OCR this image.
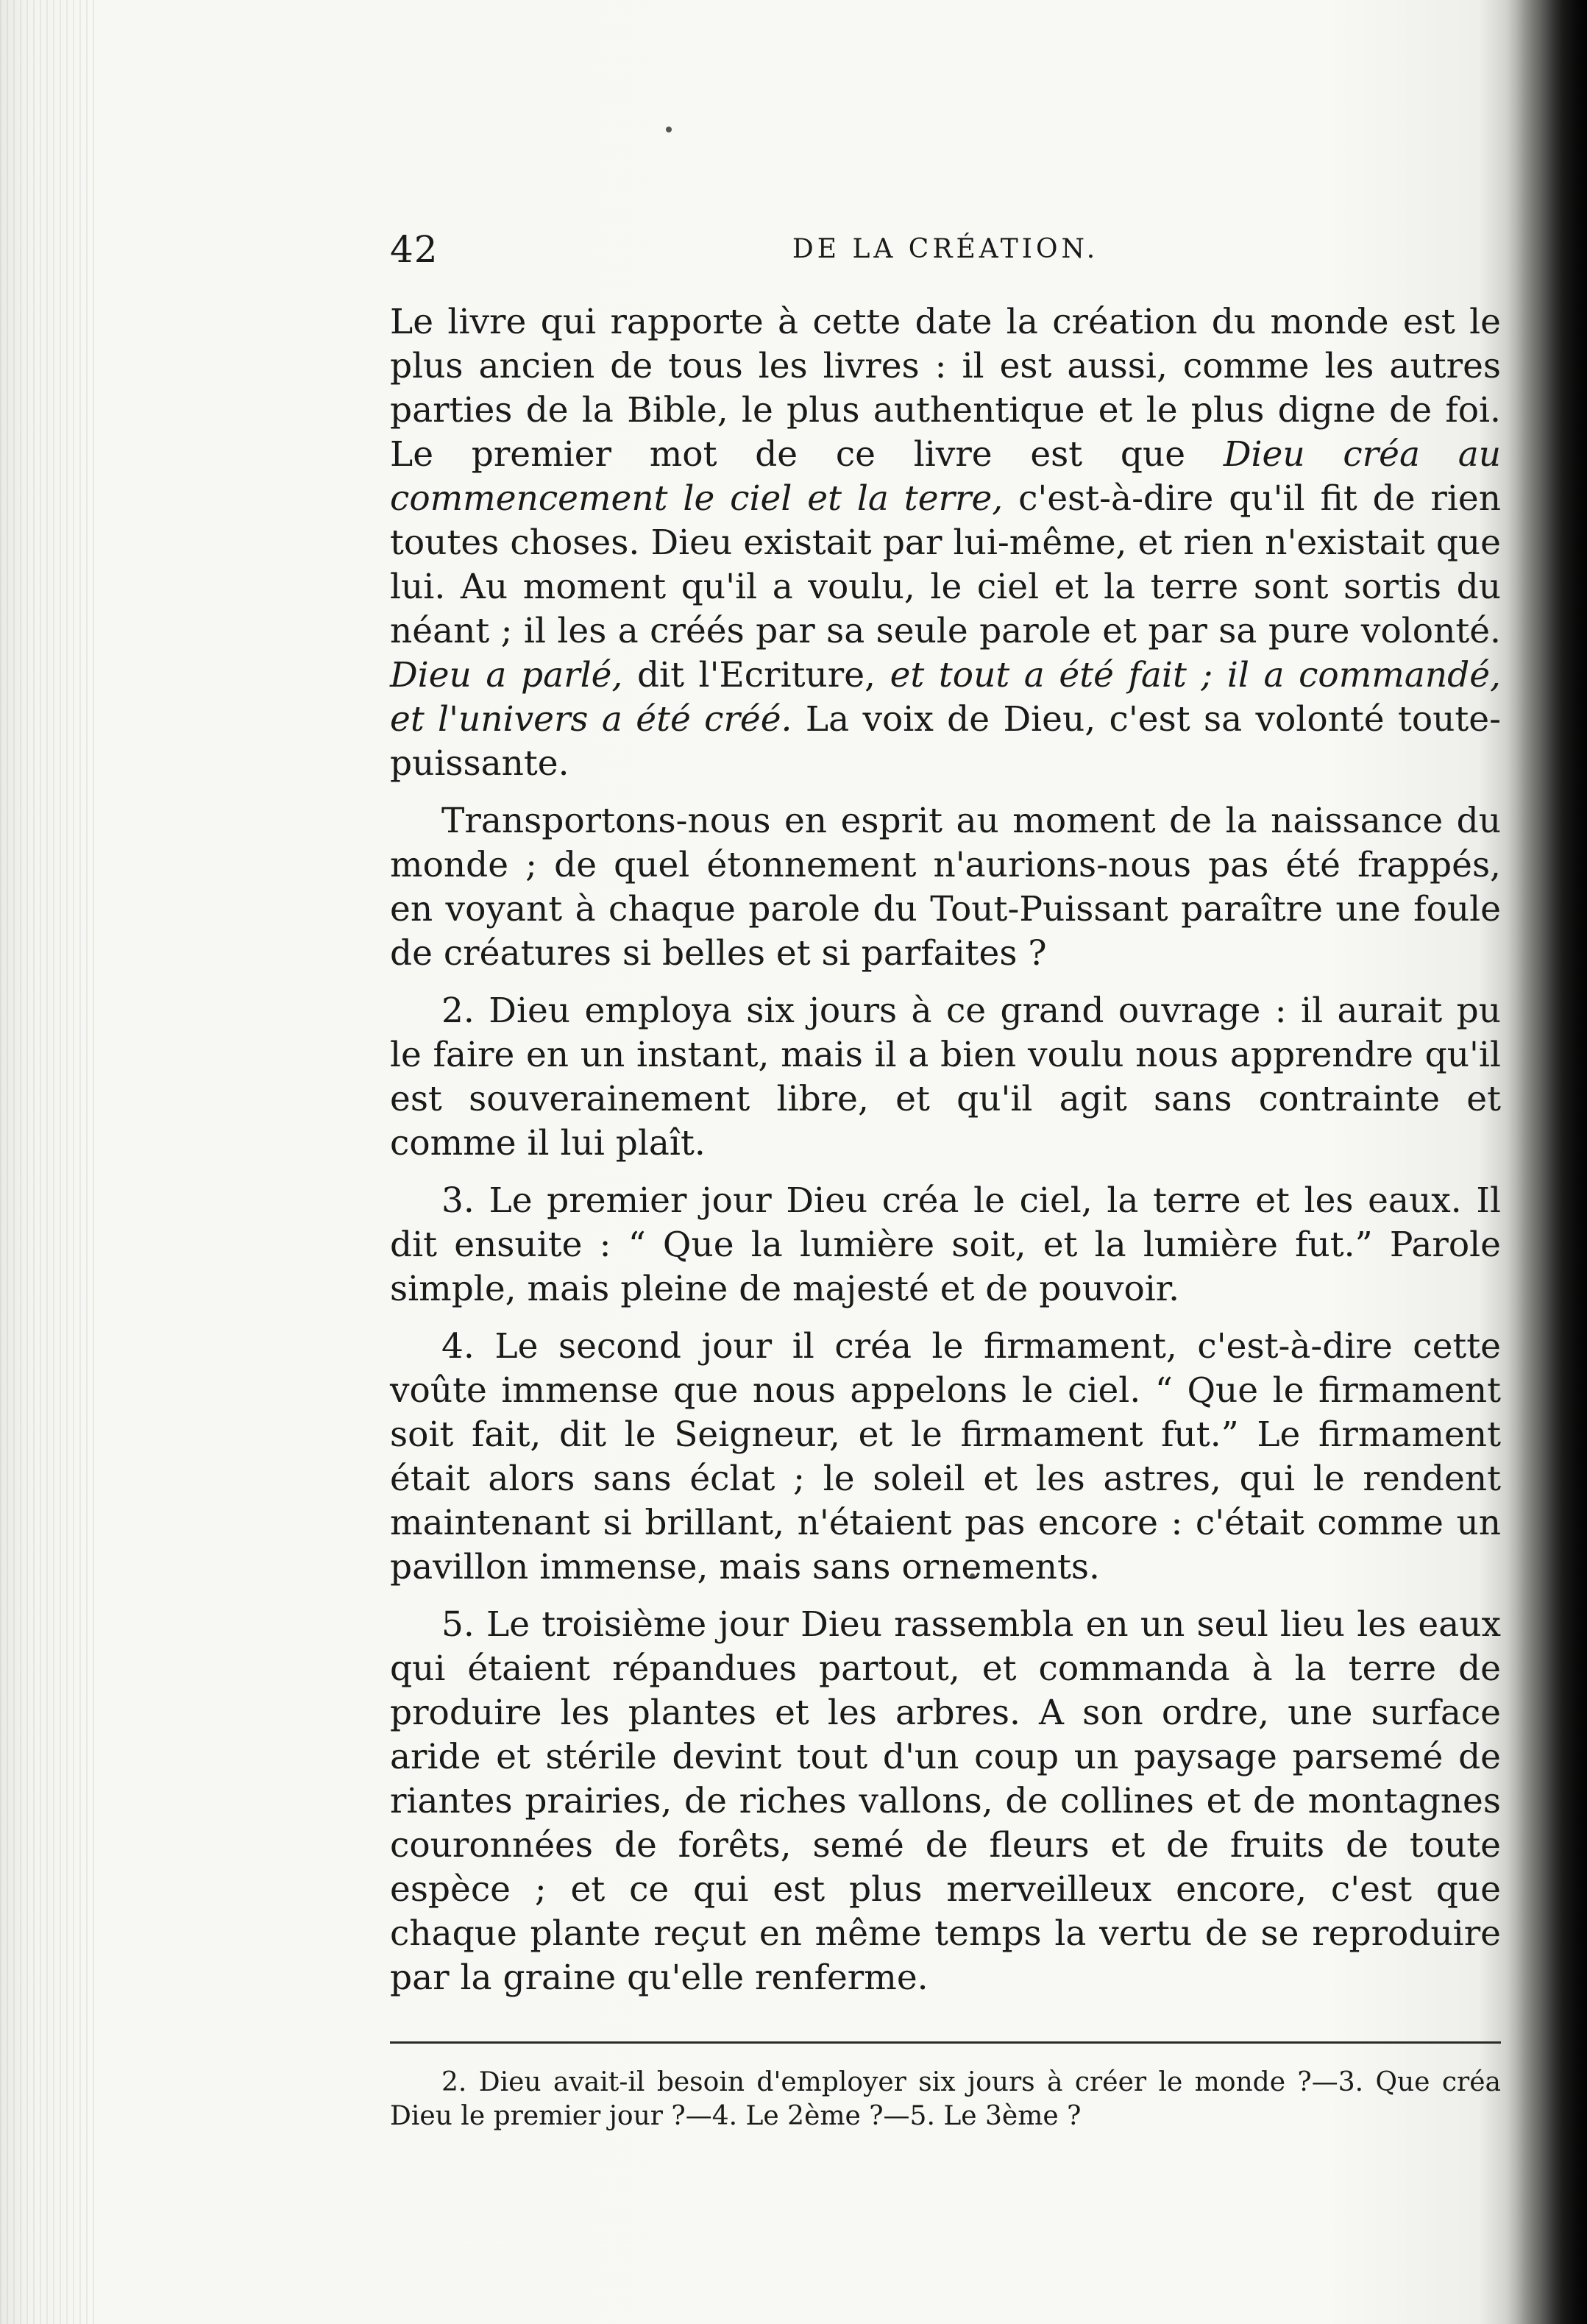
42	DE LA CRÉATION.

Le livre qui rapporte à cette date la création du monde est le plus ancien de tous les livres : il est aussi, comme les autres parties de la Bible, le plus authentique et le plus digne de foi. Le premier mot de ce livre est que Dieu créa au commencement le ciel et la terre, c'est-à-dire qu'il fit de rien toutes choses. Dieu existait par lui-même, et rien n'existait que lui. Au moment qu'il a voulu, le ciel et la terre sont sortis du néant ; il les a créés par sa seule parole et par sa pure volonté. Dieu a parlé, dit l'Ecriture, et tout a été fait ; il a commandé, et l'univers a été créé. La voix de Dieu, c'est sa volonté toute-puissante.

Transportons-nous en esprit au moment de la naissance du monde ; de quel étonnement n'aurions-nous pas été frappés, en voyant à chaque parole du Tout-Puissant paraître une foule de créatures si belles et si parfaites ?

2. Dieu employa six jours à ce grand ouvrage : il aurait pu le faire en un instant, mais il a bien voulu nous apprendre qu'il est souverainement libre, et qu'il agit sans contrainte et comme il lui plaît.

3. Le premier jour Dieu créa le ciel, la terre et les eaux. Il dit ensuite : “ Que la lumière soit, et la lumière fut.” Parole simple, mais pleine de majesté et de pouvoir.

4. Le second jour il créa le firmament, c'est-à-dire cette voûte immense que nous appelons le ciel. “ Que le firmament soit fait, dit le Seigneur, et le firmament fut.” Le firmament était alors sans éclat ; le soleil et les astres, qui le rendent maintenant si brillant, n'étaient pas encore : c'était comme un pavillon immense, mais sans ornements.

5. Le troisième jour Dieu rassembla en un seul lieu les eaux qui étaient répandues partout, et commanda à la terre de produire les plantes et les arbres. A son ordre, une surface aride et stérile devint tout d'un coup un paysage parsemé de riantes prairies, de riches vallons, de collines et de montagnes couronnées de forêts, semé de fleurs et de fruits de toute espèce ; et ce qui est plus merveilleux encore, c'est que chaque plante reçut en même temps la vertu de se reproduire par la graine qu'elle renferme.

2. Dieu avait-il besoin d'employer six jours à créer le monde ?—3. Que créa Dieu le premier jour ?—4. Le 2ème ?—5. Le 3ème ?
